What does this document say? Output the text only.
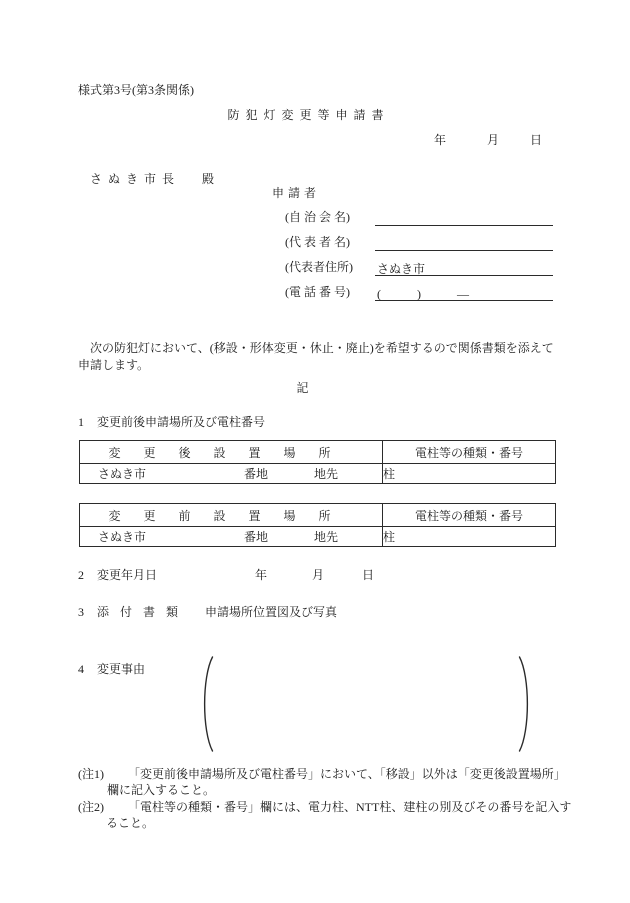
様式第3号(第3条関係)
防犯灯変更等申請書
年	月	日

さぬき市長 殿

申請者
(自 治 会 名)
(代 表 者 名)
(代表者住所) さぬき市
(電 話 番 号) (　　　)　　　―
　次の防犯灯において、(移設・形体変更・休止・廃止)を希望するので関係書類を添えて
申請します。
記
1 変更前後申請場所及び電柱番号
変更後設置場所	電柱等の種類・番号

さぬき市 番地 地先	柱
変更前設置場所	電柱等の種類・番号

さぬき市 番地 地先	柱
2 変更年月日	年	月	日
3 添付書類 申請場所位置図及び写真
4 変更事由
(注1) 「変更前後申請場所及び電柱番号」において、「移設」以外は「変更後設置場所」
欄に記入すること。
(注2) 「電柱等の種類・番号」欄には、電力柱、NTT柱、建柱の別及びその番号を記入す
ること。
